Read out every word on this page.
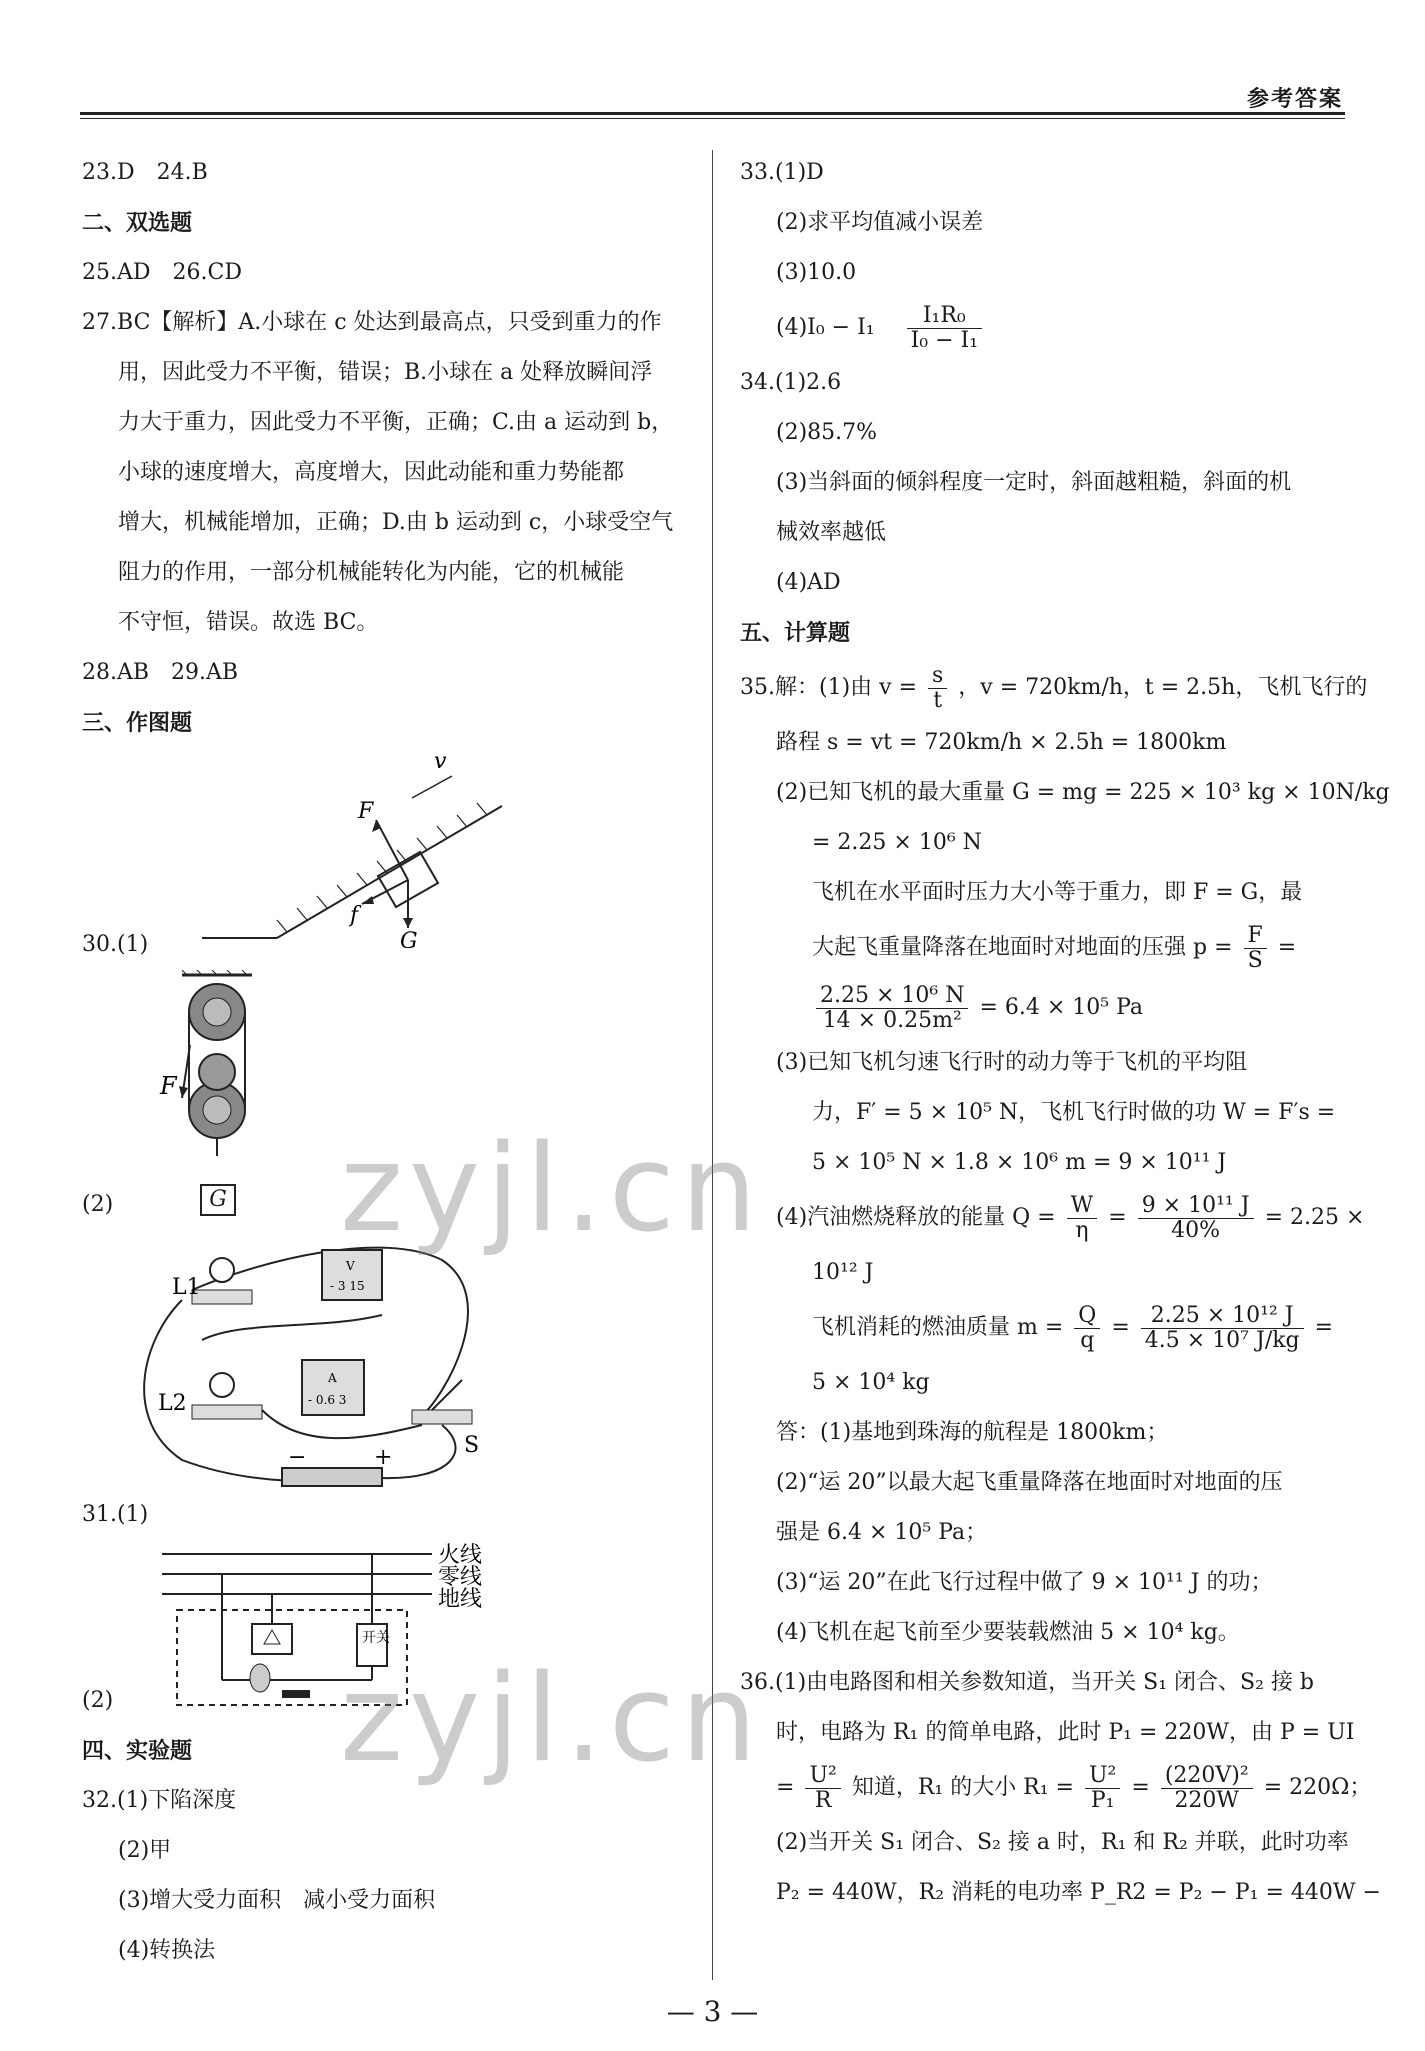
参考答案
23.D　24.B
二、双选题
25.AD　26.CD
27.BC【解析】A.小球在 c 处达到最高点，只受到重力的作
用，因此受力不平衡，错误；B.小球在 a 处释放瞬间浮
力大于重力，因此受力不平衡，正确；C.由 a 运动到 b，
小球的速度增大，高度增大，因此动能和重力势能都
增大，机械能增加，正确；D.由 b 运动到 c，小球受空气
阻力的作用，一部分机械能转化为内能，它的机械能
不守恒，错误。故选 BC。
28.AB　29.AB
三、作图题
v
F
f
G
30.(1)
F
(2)	G
V
- 3 15
A
- 0.6 3
L1
L2
S
−	+
31.(1)
火线
零线
地线
开关
(2)
四、实验题
32.(1)下陷深度
(2)甲
(3)增大受力面积　减小受力面积
(4)转换法
33.(1)D
(2)求平均值减小误差
(3)10.0
$(4)I_0 - I_1 \frac{\text{I₁R₀}}{\text{I₀ − I₁}}$
34.(1)2.6
(2)85.7%
(3)当斜面的倾斜程度一定时，斜面越粗糙，斜面的机
械效率越低
(4)AD
五、计算题
35.解：(1)由 $v = \frac{s}{t}$ ，v = 720km/h，t = 2.5h，飞机飞行的
路程 s = vt = 720km/h × 2.5h = 1800km
(2)已知飞机的最大重量 G = mg = 225 × 10³ kg × 10N/kg
= 2.25 × 10⁶ N
飞机在水平面时压力大小等于重力，即 F = G，最
大起飞重量降落在地面时对地面的压强 $p = \frac{F}{S}$ =
$\frac{\text{2.25 × 10⁶ N}}{\text{14 × 0.25m²}} = 6.4 \times 10^5$ Pa
(3)已知飞机匀速飞行时的动力等于飞机的平均阻
力，F′ = 5 × 10⁵ N，飞机飞行时做的功 W = F′s =
5 × 10⁵ N × 1.8 × 10⁶ m = 9 × 10¹¹ J
(4)汽油燃烧释放的能量 $Q = \frac{W}{\eta} = \frac{\text{9 × 10¹¹ J}}{40\%} = 2.25$ ×
10¹² J
飞机消耗的燃油质量 $m = \frac{Q}{q} = \frac{\text{2.25 × 10¹² J}}{\text{4.5 × 10⁷ J/kg}}$ =
5 × 10⁴ kg
答：(1)基地到珠海的航程是 1800km；
(2)“运 20”以最大起飞重量降落在地面时对地面的压
强是 6.4 × 10⁵ Pa；
(3)“运 20”在此飞行过程中做了 9 × 10¹¹ J 的功；
(4)飞机在起飞前至少要装载燃油 5 × 10⁴ kg。
36.(1)由电路图和相关参数知道，当开关 S₁ 闭合、S₂ 接 b
时，电路为 R₁ 的简单电路，此时 P₁ = 220W，由 P = UI
= $\frac{\text{U²}}{R}$ 知道，R₁ 的大小 $R_1 = \frac{\text{U²}}{\text{P₁}} = \frac{\text{(220V)²}}{220W} = 220\Omega$；
(2)当开关 S₁ 闭合、S₂ 接 a 时，R₁ 和 R₂ 并联，此时功率
P₂ = 440W，R₂ 消耗的电功率 P_R2 = P₂ − P₁ = 440W −
zyjl.cn
zyjl.cn
— 3 —
